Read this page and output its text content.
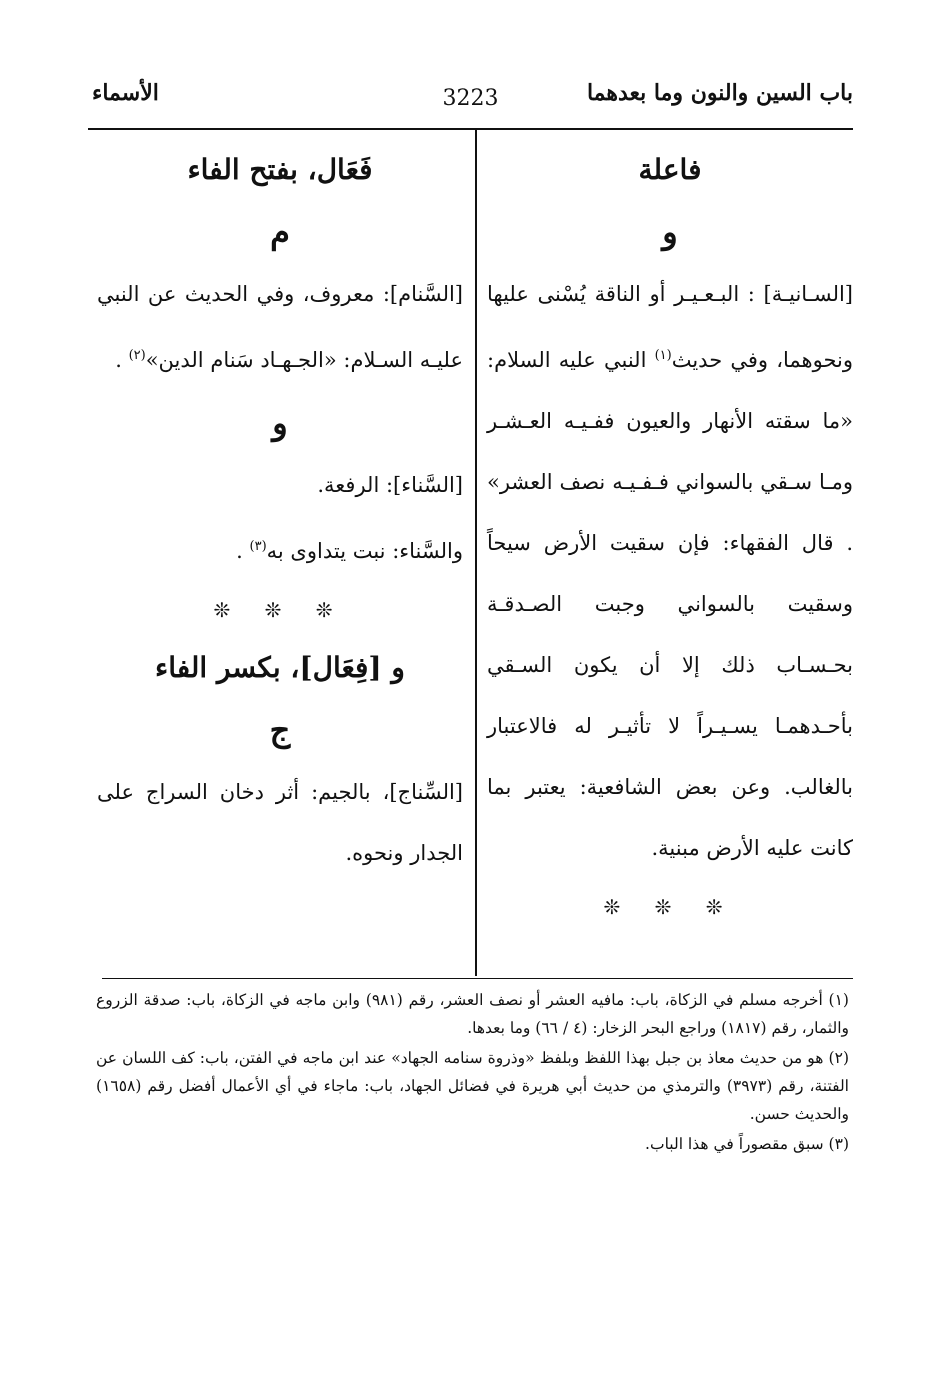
باب السين والنون وما بعدهما
3223
الأسماء
فاعلة
و

[السـانيـة] : البـعـيـر أو الناقة يُسْنى عليها ونحوهما، وفي حديث$^{(١)}$ النبي عليه السلام: «ما سقته الأنهار والعيون ففـيـه العـشـر ومـا سـقي بالسواني فـفـيـه نصف العشر» . قال الفقهاء: فإن سقيت الأرض سيحاً وسقيت بالسواني وجبت الصـدقـة بحـسـاب ذلك إلا أن يكون السـقي بأحـدهمـا يسـيـراً لا تأثيـر له فالاعتبار بالغالب. وعن بعض الشافعية: يعتبر بما كانت عليه الأرض مبنية.

❊ ❊ ❊
فَعَال، بفتح الفاء
م

[السَّنام]: معروف، وفي الحديث عن النبي عليـه السـلام: «الجـهـاد سَنام الدين»$^{(٢)}$ .

و

[السَّناء]: الرفعة.

والسَّناء: نبت يتداوى به$^{(٣)}$ .

❊ ❊ ❊
و [فِعَال]، بكسر الفاء
ج

[السِّناج]، بالجيم: أثر دخان السراج على الجدار ونحوه.

(١) أخرجه مسلم في الزكاة، باب: مافيه العشر أو نصف العشر، رقم (٩٨١) وابن ماجه في الزكاة، باب: صدقة الزروع والثمار، رقم (١٨١٧) وراجع البحر الزخار: (٤ / ٦٦) وما بعدها.

(٢) هو من حديث معاذ بن جبل بهذا اللفظ وبلفظ «وذروة سنامه الجهاد» عند ابن ماجه في الفتن، باب: كف اللسان عن الفتنة، رقم (٣٩٧٣) والترمذي من حديث أبي هريرة في فضائل الجهاد، باب: ماجاء في أي الأعمال أفضل رقم (١٦٥٨) والحديث حسن.

(٣) سبق مقصوراً في هذا الباب.
